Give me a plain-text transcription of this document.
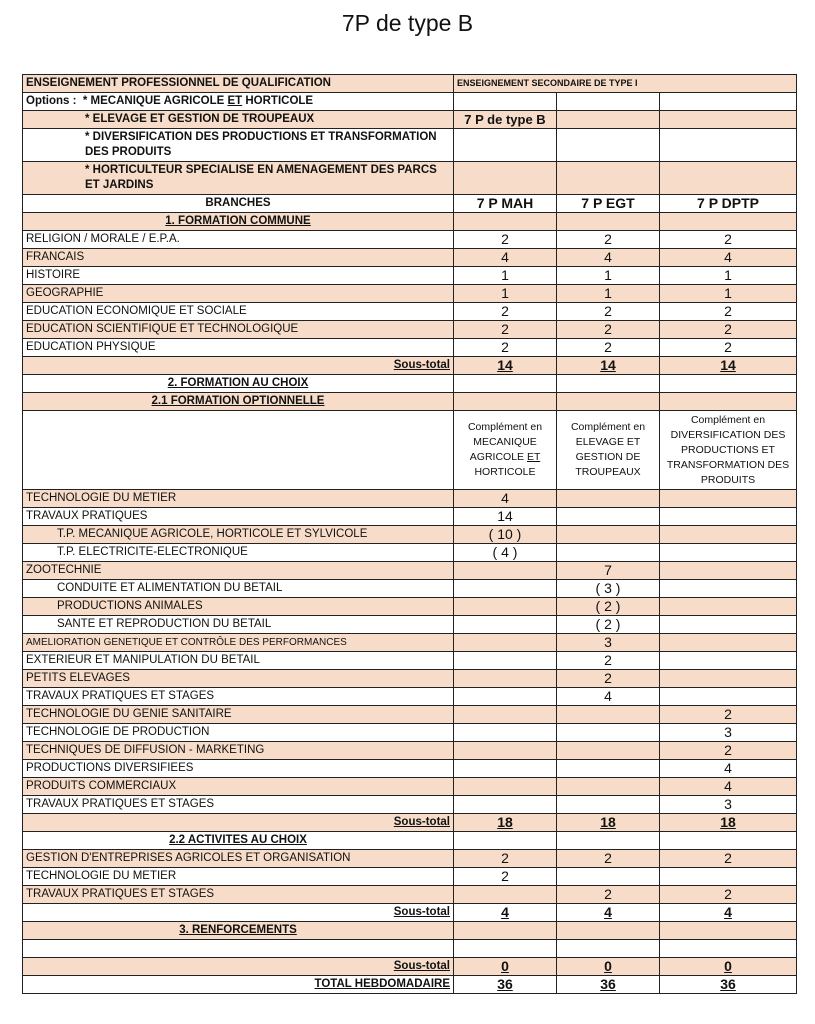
7P de type B
ENSEIGNEMENT PROFESSIONNEL DE QUALIFICATION	ENSEIGNEMENT SECONDAIRE DE TYPE I		
Options : * MECANIQUE AGRICOLE ET HORTICOLE			
* ELEVAGE ET GESTION DE TROUPEAUX	7 P de type B		
* DIVERSIFICATION DES PRODUCTIONS ET TRANSFORMATION DES PRODUITS			
* HORTICULTEUR SPECIALISE EN AMENAGEMENT DES PARCS ET JARDINS			
BRANCHES	7 P MAH	7 P EGT	7 P DPTP
1. FORMATION COMMUNE			
RELIGION / MORALE / E.P.A.	2	2	2
FRANCAIS	4	4	4
HISTOIRE	1	1	1
GEOGRAPHIE	1	1	1
EDUCATION ECONOMIQUE ET SOCIALE	2	2	2
EDUCATION SCIENTIFIQUE ET TECHNOLOGIQUE	2	2	2
EDUCATION PHYSIQUE	2	2	2
Sous-total	14	14	14
2. FORMATION AU CHOIX			
2.1 FORMATION OPTIONNELLE			
	Complément en MECANIQUE AGRICOLE ET HORTICOLE	Complément en ELEVAGE ET GESTION DE TROUPEAUX	Complément en DIVERSIFICATION DES PRODUCTIONS ET TRANSFORMATION DES PRODUITS
TECHNOLOGIE DU METIER	4		
TRAVAUX PRATIQUES	14		
T.P. MECANIQUE AGRICOLE, HORTICOLE ET SYLVICOLE	( 10 )		
T.P. ELECTRICITE-ELECTRONIQUE	( 4 )		
ZOOTECHNIE		7	
CONDUITE ET ALIMENTATION DU BETAIL		( 3 )	
PRODUCTIONS ANIMALES		( 2 )	
SANTE ET REPRODUCTION DU BETAIL		( 2 )	
AMELIORATION GENETIQUE ET CONTRÔLE DES PERFORMANCES		3	
EXTERIEUR ET MANIPULATION DU BETAIL		2	
PETITS ELEVAGES		2	
TRAVAUX PRATIQUES ET STAGES		4	
TECHNOLOGIE DU GENIE SANITAIRE			2
TECHNOLOGIE DE PRODUCTION			3
TECHNIQUES DE DIFFUSION - MARKETING			2
PRODUCTIONS DIVERSIFIEES			4
PRODUITS COMMERCIAUX			4
TRAVAUX PRATIQUES ET STAGES			3
Sous-total	18	18	18
2.2 ACTIVITES AU CHOIX			
GESTION D'ENTREPRISES AGRICOLES ET ORGANISATION	2	2	2
TECHNOLOGIE DU METIER	2		
TRAVAUX PRATIQUES ET STAGES		2	2
Sous-total	4	4	4
3. RENFORCEMENTS			

Sous-total	0	0	0
TOTAL HEBDOMADAIRE	36	36	36
